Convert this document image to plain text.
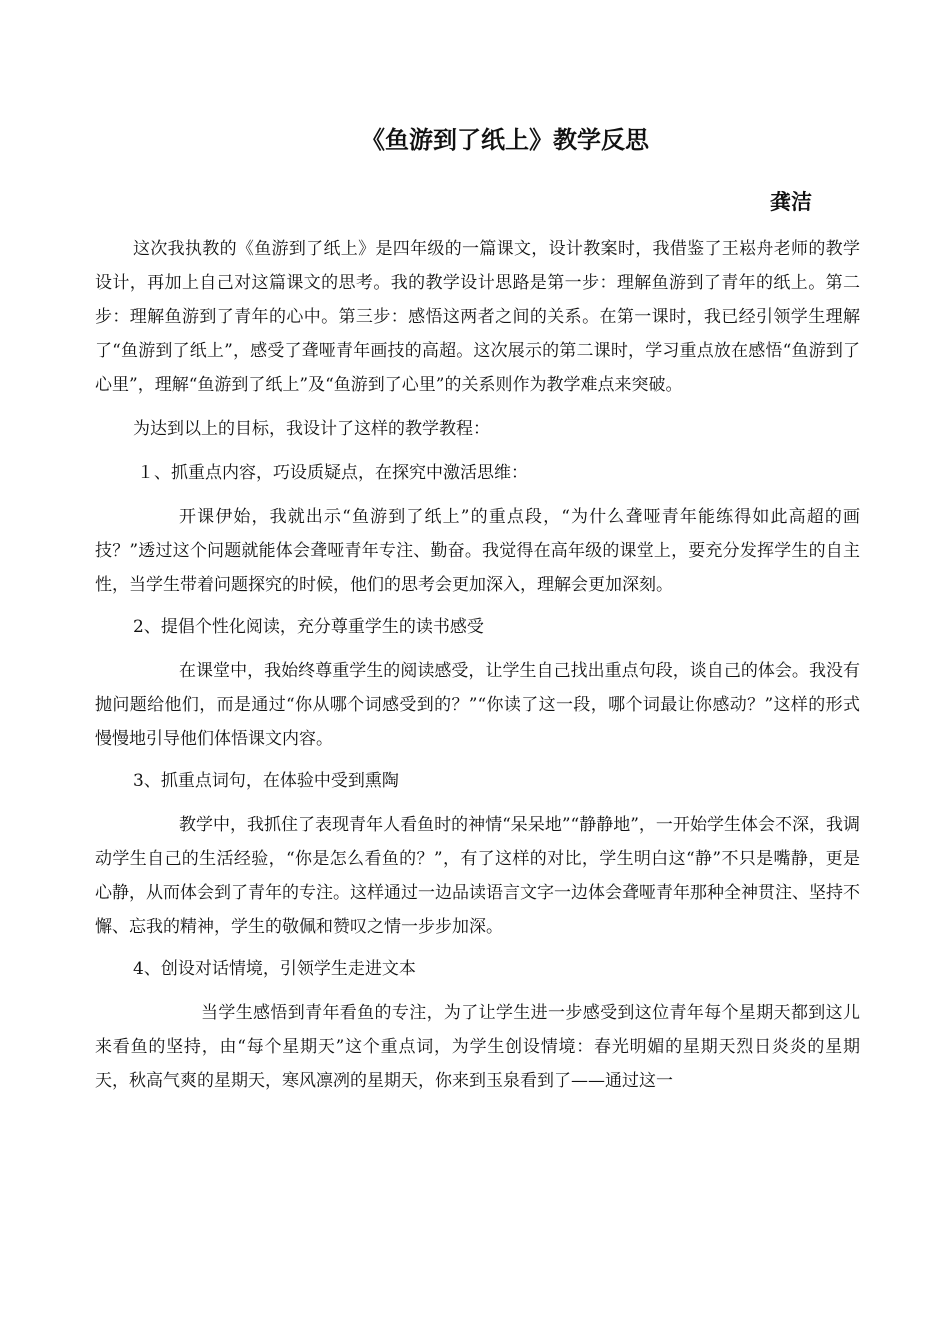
《鱼游到了纸上》教学反思
龚洁

这次我执教的《鱼游到了纸上》是四年级的一篇课文，设计教案时，我借鉴了王崧舟老师的教学设计，再加上自己对这篇课文的思考。我的教学设计思路是第一步：理解鱼游到了青年的纸上。第二步：理解鱼游到了青年的心中。第三步：感悟这两者之间的关系。在第一课时，我已经引领学生理解了“鱼游到了纸上”，感受了聋哑青年画技的高超。这次展示的第二课时，学习重点放在感悟“鱼游到了心里”，理解“鱼游到了纸上”及“鱼游到了心里”的关系则作为教学难点来突破。

为达到以上的目标，我设计了这样的教学教程：

１、抓重点内容，巧设质疑点，在探究中激活思维：

开课伊始，我就出示“鱼游到了纸上”的重点段，“为什么聋哑青年能练得如此高超的画技？”透过这个问题就能体会聋哑青年专注、勤奋。我觉得在高年级的课堂上，要充分发挥学生的自主性，当学生带着问题探究的时候，他们的思考会更加深入，理解会更加深刻。

2、提倡个性化阅读，充分尊重学生的读书感受

在课堂中，我始终尊重学生的阅读感受，让学生自己找出重点句段，谈自己的体会。我没有抛问题给他们，而是通过“你从哪个词感受到的？”“你读了这一段，哪个词最让你感动？”这样的形式慢慢地引导他们体悟课文内容。

3、抓重点词句，在体验中受到熏陶

教学中，我抓住了表现青年人看鱼时的神情“呆呆地”“静静地”，一开始学生体会不深，我调动学生自己的生活经验，“你是怎么看鱼的？”，有了这样的对比，学生明白这“静”不只是嘴静，更是心静，从而体会到了青年的专注。这样通过一边品读语言文字一边体会聋哑青年那种全神贯注、坚持不懈、忘我的精神，学生的敬佩和赞叹之情一步步加深。

4、创设对话情境，引领学生走进文本

当学生感悟到青年看鱼的专注，为了让学生进一步感受到这位青年每个星期天都到这儿来看鱼的坚持，由“每个星期天”这个重点词，为学生创设情境：春光明媚的星期天烈日炎炎的星期天，秋高气爽的星期天，寒风凛冽的星期天，你来到玉泉看到了——通过这一
